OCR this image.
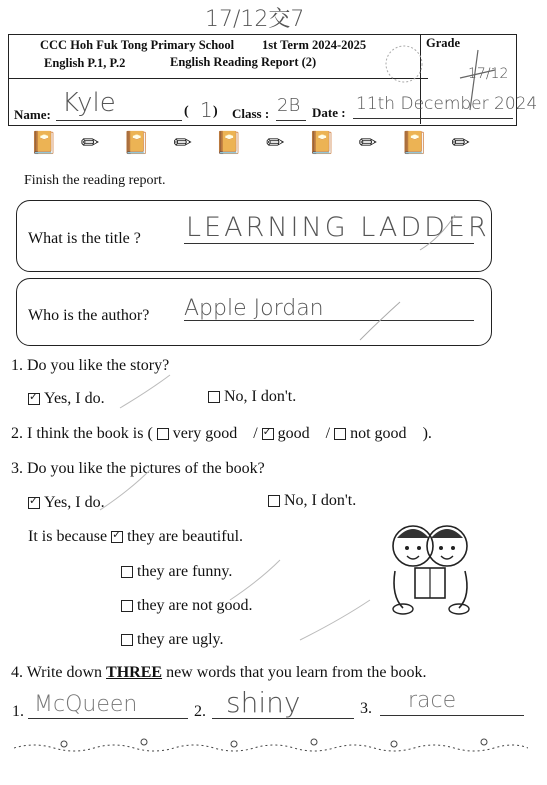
17/12交7
CCC Hoh Fuk Tong Primary School 1st Term 2024-2025
English P.1, P.2	English Reading Report (2)
Grade
17/12
Name: Kyle	( 1 ) Class : 2B Date : 11th December 2024
📔 ✏ 📔 ✏ 📔 ✏ 📔 ✏ 📔 ✏
Finish the reading report.
What is the title ? LEARNING LADDER
Who is the author? Apple Jordan
1. Do you like the story?
✓Yes, I do.	No, I don't.
2. I think the book is ( very good / ✓ good / not good ).
3. Do you like the pictures of the book?
✓Yes, I do.	No, I don't.
It is because ✓ they are beautiful.
they are funny.
they are not good.
they are ugly.
4. Write down THREE new words that you learn from the book.
1. McQueen	2. shiny	3. race
